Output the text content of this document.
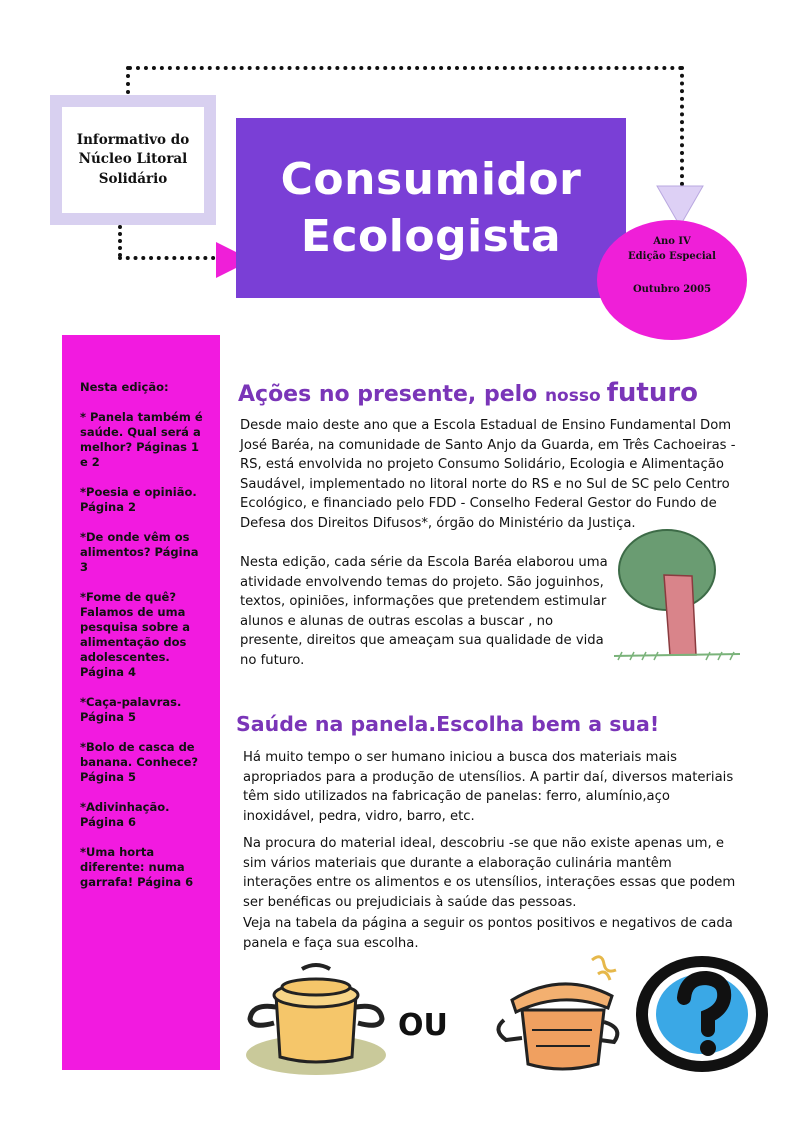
Informativo do
Núcleo Litoral
Solidário	Consumidor
Ecologista	Ano IV
Edição Especial
Outubro 2005
Nesta edição:
* Panela também é saúde. Qual será a melhor? Páginas 1 e 2
*Poesia e opinião. Página 2
*De onde vêm os alimentos? Página 3
*Fome de quê? Falamos de uma pesquisa sobre a alimentação dos adolescentes. Página 4
*Caça-palavras. Página 5
*Bolo de casca de banana. Conhece? Página 5
*Adivinhação. Página 6
*Uma horta diferente: numa garrafa! Página 6
Ações no presente, pelo nosso futuro
Desde maio deste ano que a Escola Estadual de Ensino Fundamental Dom José Baréa, na comunidade de Santo Anjo da Guarda, em Três Cachoeiras - RS, está envolvida no projeto Consumo Solidário, Ecologia e Alimentação Saudável, implementado no litoral norte do RS e no Sul de SC pelo Centro Ecológico, e financiado pelo FDD - Conselho Federal Gestor do Fundo de Defesa dos Direitos Difusos*, órgão do Ministério da Justiça.
Nesta edição, cada série da Escola Baréa elaborou uma atividade envolvendo temas do projeto. São joguinhos, textos, opiniões, informações que pretendem estimular alunos e alunas de outras escolas a buscar , no presente, direitos que ameaçam sua qualidade de vida no futuro.
Saúde na panela.Escolha bem a sua!
Há muito tempo o ser humano iniciou a busca dos materiais mais apropriados para a produção de utensílios. A partir daí, diversos materiais têm sido utilizados na fabricação de panelas: ferro, alumínio,aço inoxidável, pedra, vidro, barro, etc.
Na procura do material ideal, descobriu -se que não existe apenas um, e sim vários materiais que durante a elaboração culinária mantêm interações entre os alimentos e os utensílios, interações essas que podem ser benéficas ou prejudiciais à saúde das pessoas.
Veja na tabela da página a seguir os pontos positivos e negativos de cada panela e faça sua escolha.
OU
